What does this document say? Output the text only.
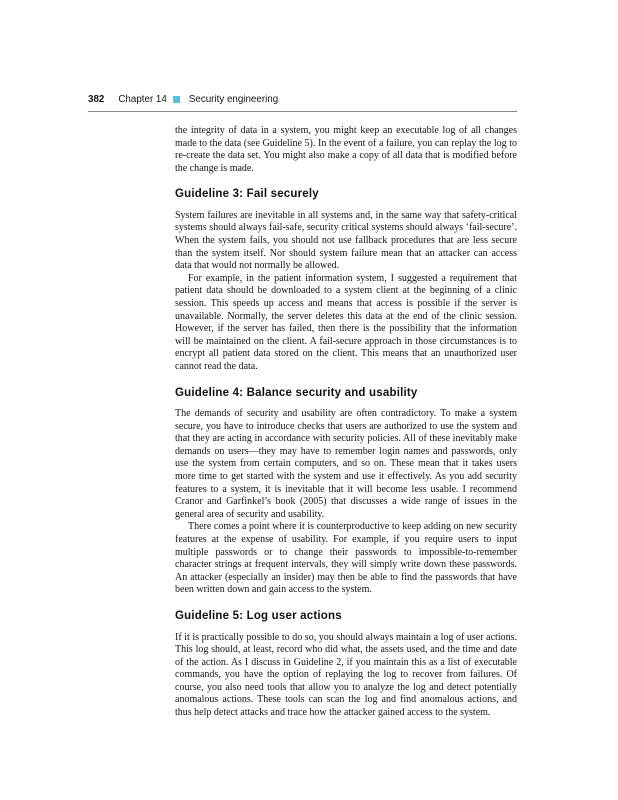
382 Chapter 14 Security engineering

the integrity of data in a system, you might keep an executable log of all changes made to the data (see Guideline 5). In the event of a failure, you can replay the log to re-create the data set. You might also make a copy of all data that is modified before the change is made.

Guideline 3: Fail securely

System failures are inevitable in all systems and, in the same way that safety-critical systems should always fail-safe, security critical systems should always ‘fail-secure’. When the system fails, you should not use fallback procedures that are less secure than the system itself. Nor should system failure mean that an attacker can access data that would not normally be allowed.

For example, in the patient information system, I suggested a requirement that patient data should be downloaded to a system client at the beginning of a clinic session. This speeds up access and means that access is possible if the server is unavailable. Normally, the server deletes this data at the end of the clinic session. However, if the server has failed, then there is the possibility that the information will be maintained on the client. A fail-secure approach in those circumstances is to encrypt all patient data stored on the client. This means that an unauthorized user cannot read the data.

Guideline 4: Balance security and usability

The demands of security and usability are often contradictory. To make a system secure, you have to introduce checks that users are authorized to use the system and that they are acting in accordance with security policies. All of these inevitably make demands on users—they may have to remember login names and passwords, only use the system from certain computers, and so on. These mean that it takes users more time to get started with the system and use it effectively. As you add security features to a system, it is inevitable that it will become less usable. I recommend Cranor and Garfinkel’s book (2005) that discusses a wide range of issues in the general area of security and usability.

There comes a point where it is counterproductive to keep adding on new security features at the expense of usability. For example, if you require users to input multiple passwords or to change their passwords to impossible-to-remember character strings at frequent intervals, they will simply write down these passwords. An attacker (especially an insider) may then be able to find the passwords that have been written down and gain access to the system.

Guideline 5: Log user actions

If it is practically possible to do so, you should always maintain a log of user actions. This log should, at least, record who did what, the assets used, and the time and date of the action. As I discuss in Guideline 2, if you maintain this as a list of executable commands, you have the option of replaying the log to recover from failures. Of course, you also need tools that allow you to analyze the log and detect potentially anomalous actions. These tools can scan the log and find anomalous actions, and thus help detect attacks and trace how the attacker gained access to the system.
